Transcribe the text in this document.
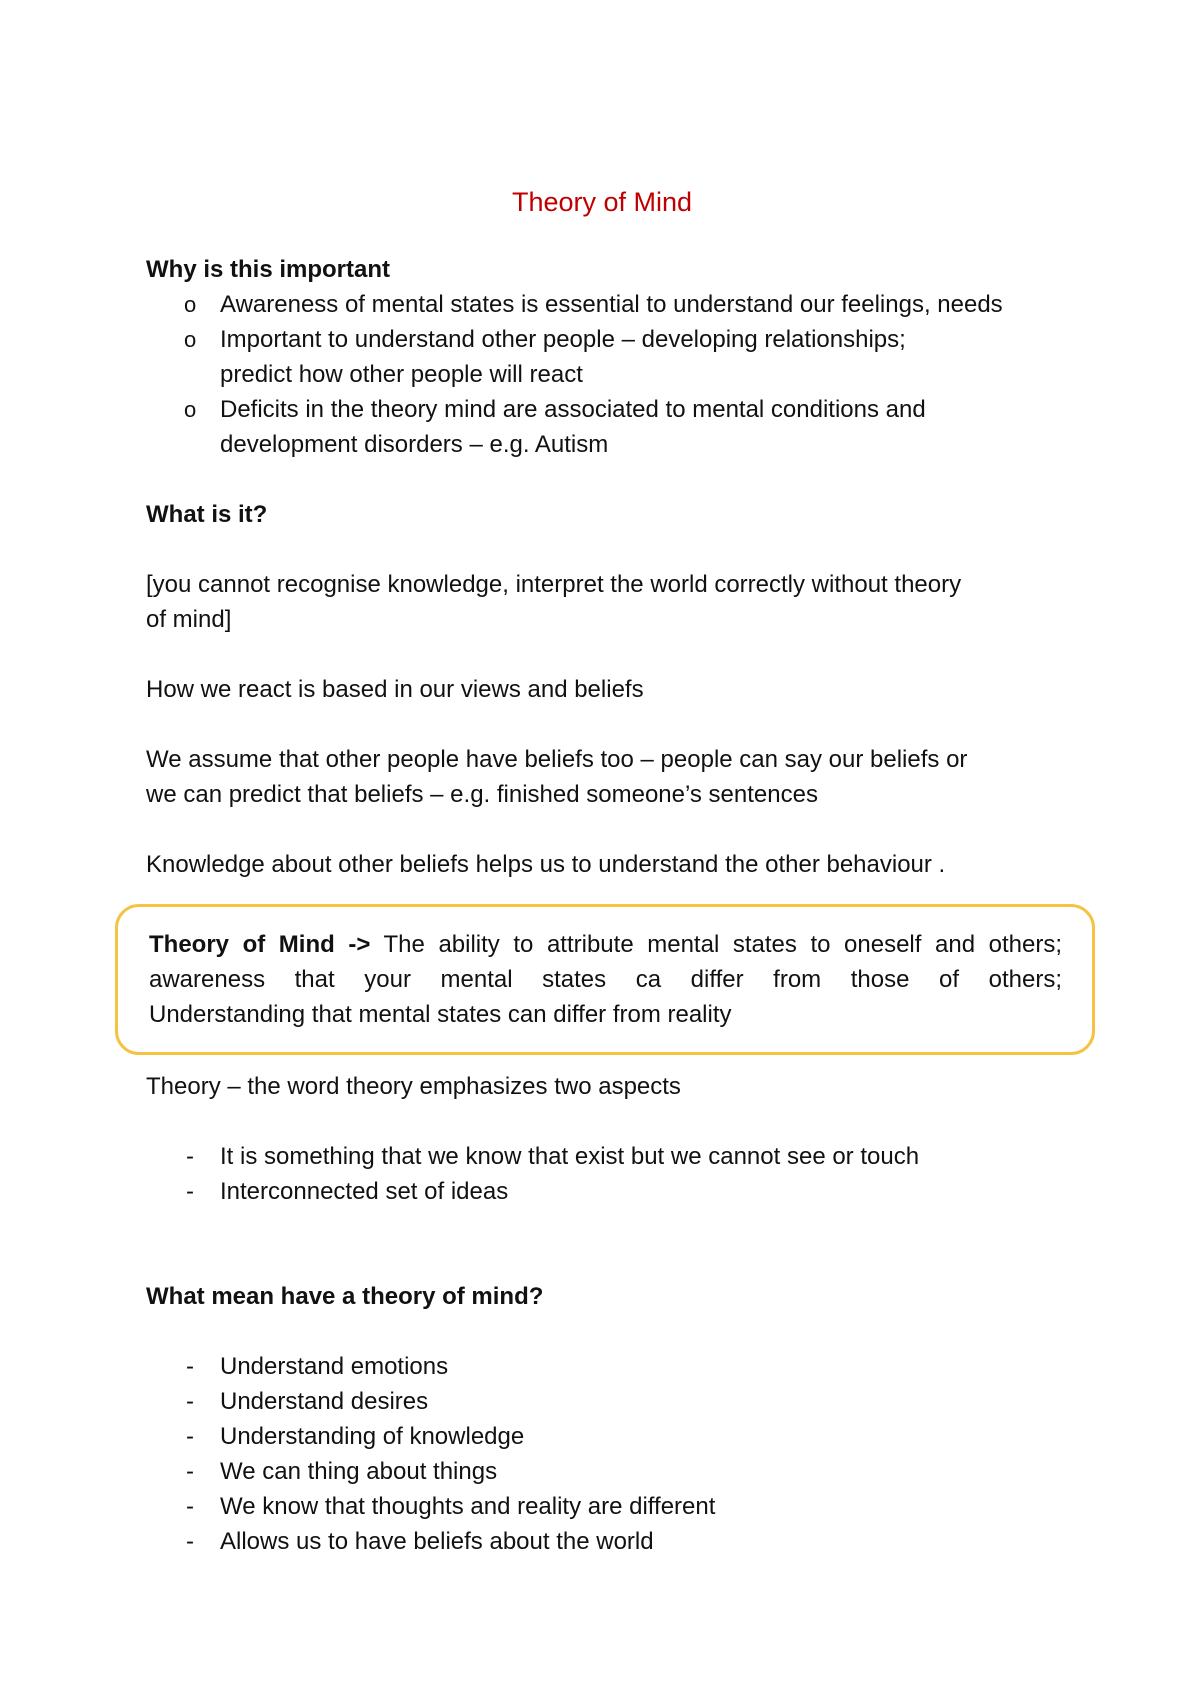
Theory of Mind

Why is this important

o Awareness of mental states is essential to understand our feelings, needs
o Important to understand other people – developing relationships;
predict how other people will react
o Deficits in the theory mind are associated to mental conditions and
development disorders – e.g. Autism

What is it?

[you cannot recognise knowledge, interpret the world correctly without theory
of mind]

How we react is based in our views and beliefs

We assume that other people have beliefs too – people can say our beliefs or
we can predict that beliefs – e.g. finished someone’s sentences

Knowledge about other beliefs helps us to understand the other behaviour .

Theory of Mind -> The ability to attribute mental states to oneself and others;
awareness that your mental states ca differ from those of others;
Understanding that mental states can differ from reality

Theory – the word theory emphasizes two aspects

- It is something that we know that exist but we cannot see or touch
- Interconnected set of ideas

What mean have a theory of mind?

- Understand emotions
- Understand desires
- Understanding of knowledge
- We can thing about things
- We know that thoughts and reality are different
- Allows us to have beliefs about the world
